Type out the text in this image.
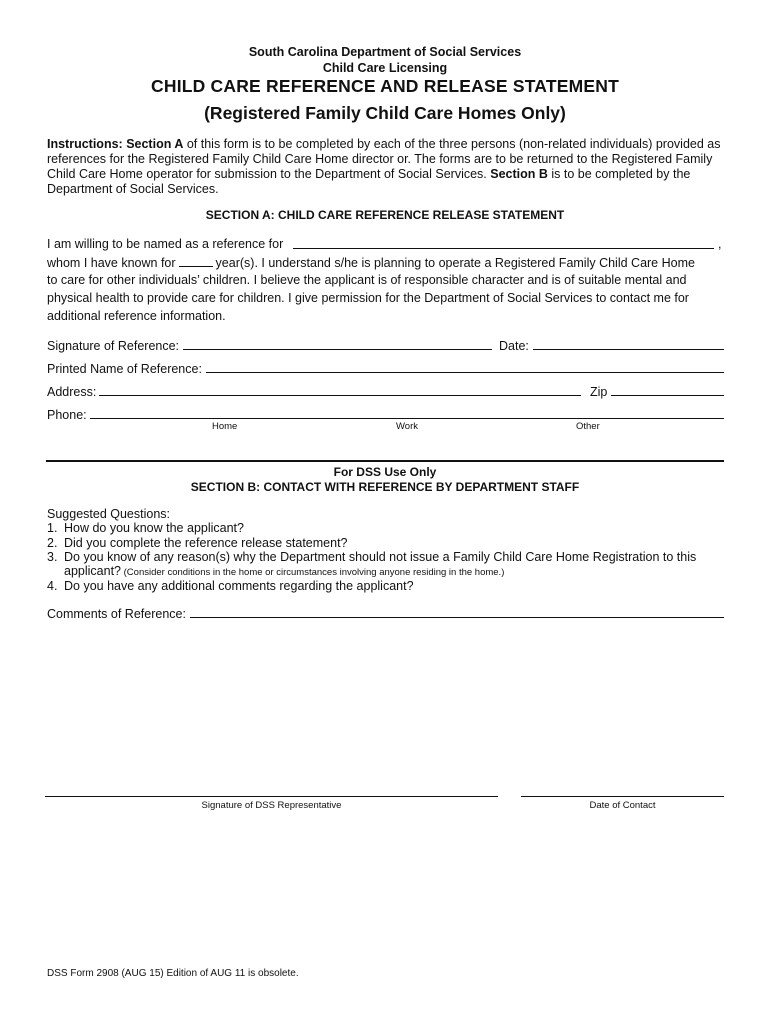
South Carolina Department of Social Services
Child Care Licensing
CHILD CARE REFERENCE AND RELEASE STATEMENT
(Registered Family Child Care Homes Only)
Instructions: Section A of this form is to be completed by each of the three persons (non-related individuals) provided as references for the Registered Family Child Care Home director or. The forms are to be returned to the Registered Family Child Care Home operator for submission to the Department of Social Services. Section B is to be completed by the Department of Social Services.
SECTION A: CHILD CARE REFERENCE RELEASE STATEMENT
I am willing to be named as a reference for	,
whom I have known for	year(s). I understand s/he is planning to operate a Registered Family Child Care Home
to care for other individuals’ children. I believe the applicant is of responsible character and is of suitable mental and
physical health to provide care for children. I give permission for the Department of Social Services to contact me for
additional reference information.
Signature of Reference:	Date:
Printed Name of Reference:
Address:	Zip
Phone:
Home	Work	Other
For DSS Use Only
SECTION B: CONTACT WITH REFERENCE BY DEPARTMENT STAFF
Suggested Questions:
1. How do you know the applicant?
2. Did you complete the reference release statement?
3. Do you know of any reason(s) why the Department should not issue a Family Child Care Home Registration to this
applicant? (Consider conditions in the home or circumstances involving anyone residing in the home.)
4. Do you have any additional comments regarding the applicant?
Comments of Reference:
Signature of DSS Representative	Date of Contact
DSS Form 2908 (AUG 15) Edition of AUG 11 is obsolete.
